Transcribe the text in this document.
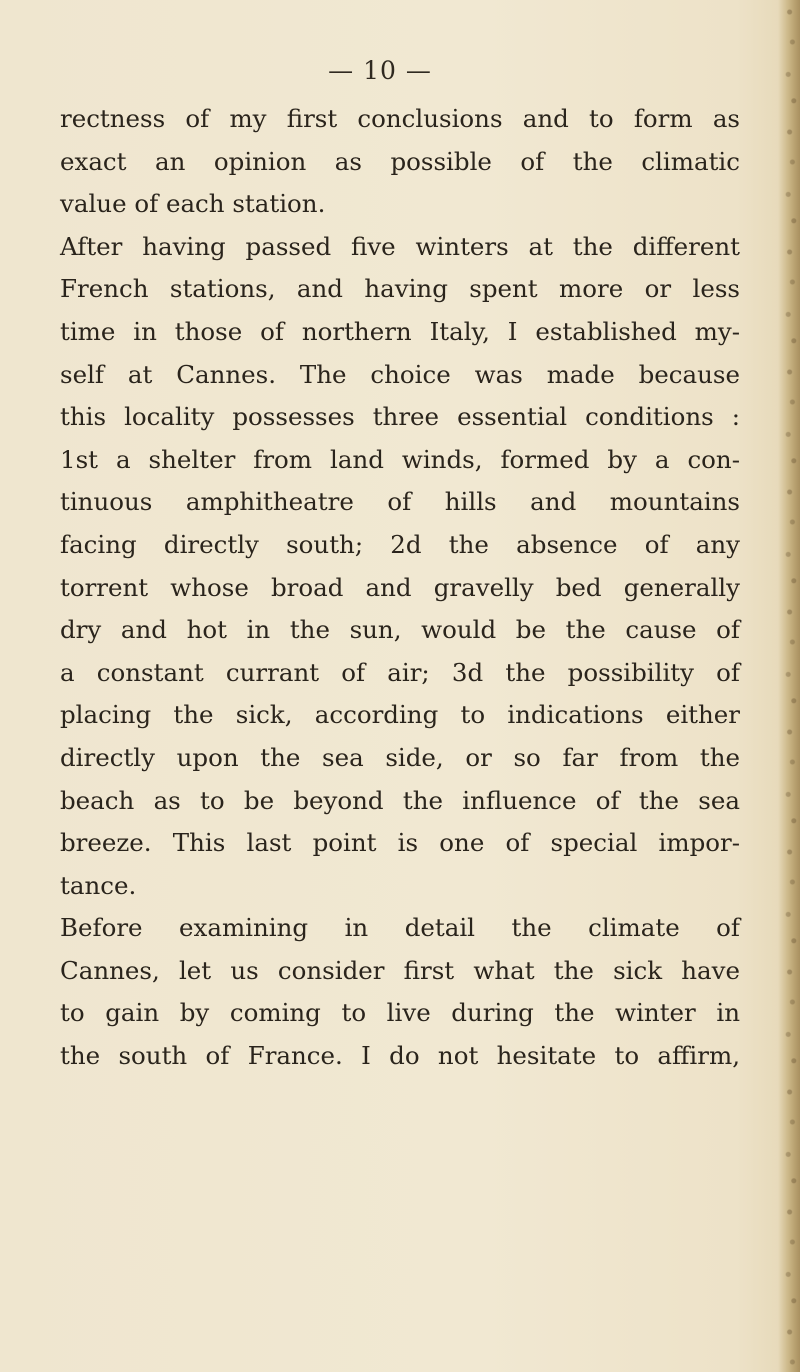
— 10 —
rectness of my first conclusions and to form as
exact an opinion as possible of the climatic
value of each station.
After having passed five winters at the different
French stations, and having spent more or less
time in those of northern Italy, I established my-
self at Cannes. The choice was made because
this locality possesses three essential conditions :
1st a shelter from land winds, formed by a con-
tinuous amphitheatre of hills and mountains
facing directly south; 2d the absence of any
torrent whose broad and gravelly bed generally
dry and hot in the sun, would be the cause of
a constant currant of air; 3d the possibility of
placing the sick, according to indications either
directly upon the sea side, or so far from the
beach as to be beyond the influence of the sea
breeze. This last point is one of special impor-
tance.
Before examining in detail the climate of
Cannes, let us consider first what the sick have
to gain by coming to live during the winter in
the south of France. I do not hesitate to affirm,
